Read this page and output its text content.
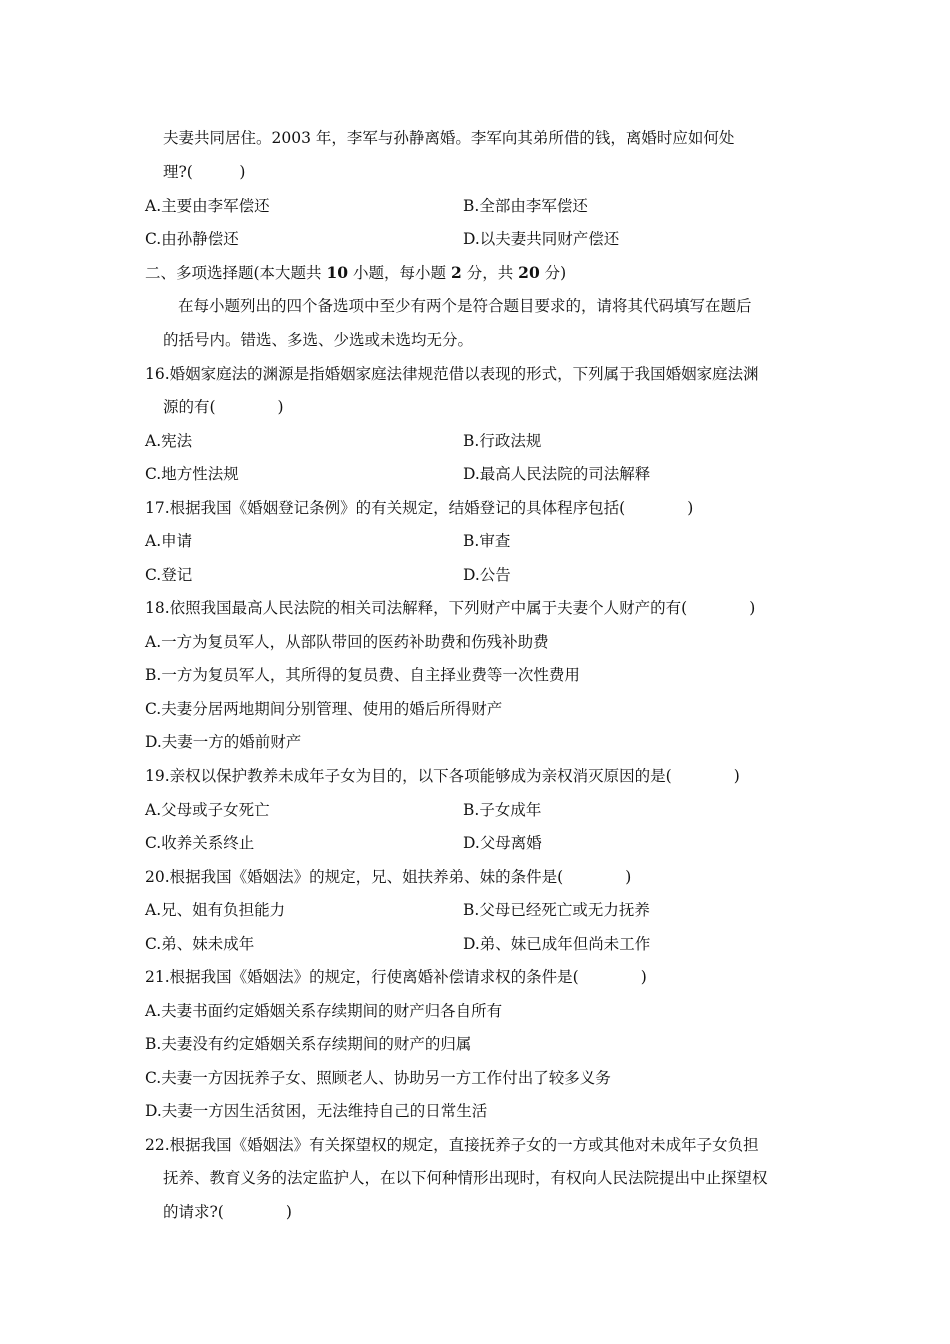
夫妻共同居住。2003 年，李军与孙静离婚。李军向其弟所借的钱，离婚时应如何处
理?(　　　)
A.主要由李军偿还	B.全部由李军偿还
C.由孙静偿还	D.以夫妻共同财产偿还
二、多项选择题(本大题共 10 小题，每小题 2 分，共 20 分)
在每小题列出的四个备选项中至少有两个是符合题目要求的，请将其代码填写在题后
的括号内。错选、多选、少选或未选均无分。
16.婚姻家庭法的渊源是指婚姻家庭法律规范借以表现的形式，下列属于我国婚姻家庭法渊
源的有(　　　　)
A.宪法	B.行政法规
C.地方性法规	D.最高人民法院的司法解释
17.根据我国《婚姻登记条例》的有关规定，结婚登记的具体程序包括(　　　　)
A.申请	B.审查
C.登记	D.公告
18.依照我国最高人民法院的相关司法解释，下列财产中属于夫妻个人财产的有(　　　　)
A.一方为复员军人，从部队带回的医药补助费和伤残补助费
B.一方为复员军人，其所得的复员费、自主择业费等一次性费用
C.夫妻分居两地期间分别管理、使用的婚后所得财产
D.夫妻一方的婚前财产
19.亲权以保护教养未成年子女为目的，以下各项能够成为亲权消灭原因的是(　　　　)
A.父母或子女死亡	B.子女成年
C.收养关系终止	D.父母离婚
20.根据我国《婚姻法》的规定，兄、姐扶养弟、妹的条件是(　　　　)
A.兄、姐有负担能力	B.父母已经死亡或无力抚养
C.弟、妹未成年	D.弟、妹已成年但尚未工作
21.根据我国《婚姻法》的规定，行使离婚补偿请求权的条件是(　　　　)
A.夫妻书面约定婚姻关系存续期间的财产归各自所有
B.夫妻没有约定婚姻关系存续期间的财产的归属
C.夫妻一方因抚养子女、照顾老人、协助另一方工作付出了较多义务
D.夫妻一方因生活贫困，无法维持自己的日常生活
22.根据我国《婚姻法》有关探望权的规定，直接抚养子女的一方或其他对未成年子女负担
抚养、教育义务的法定监护人，在以下何种情形出现时，有权向人民法院提出中止探望权
的请求?(　　　　)
